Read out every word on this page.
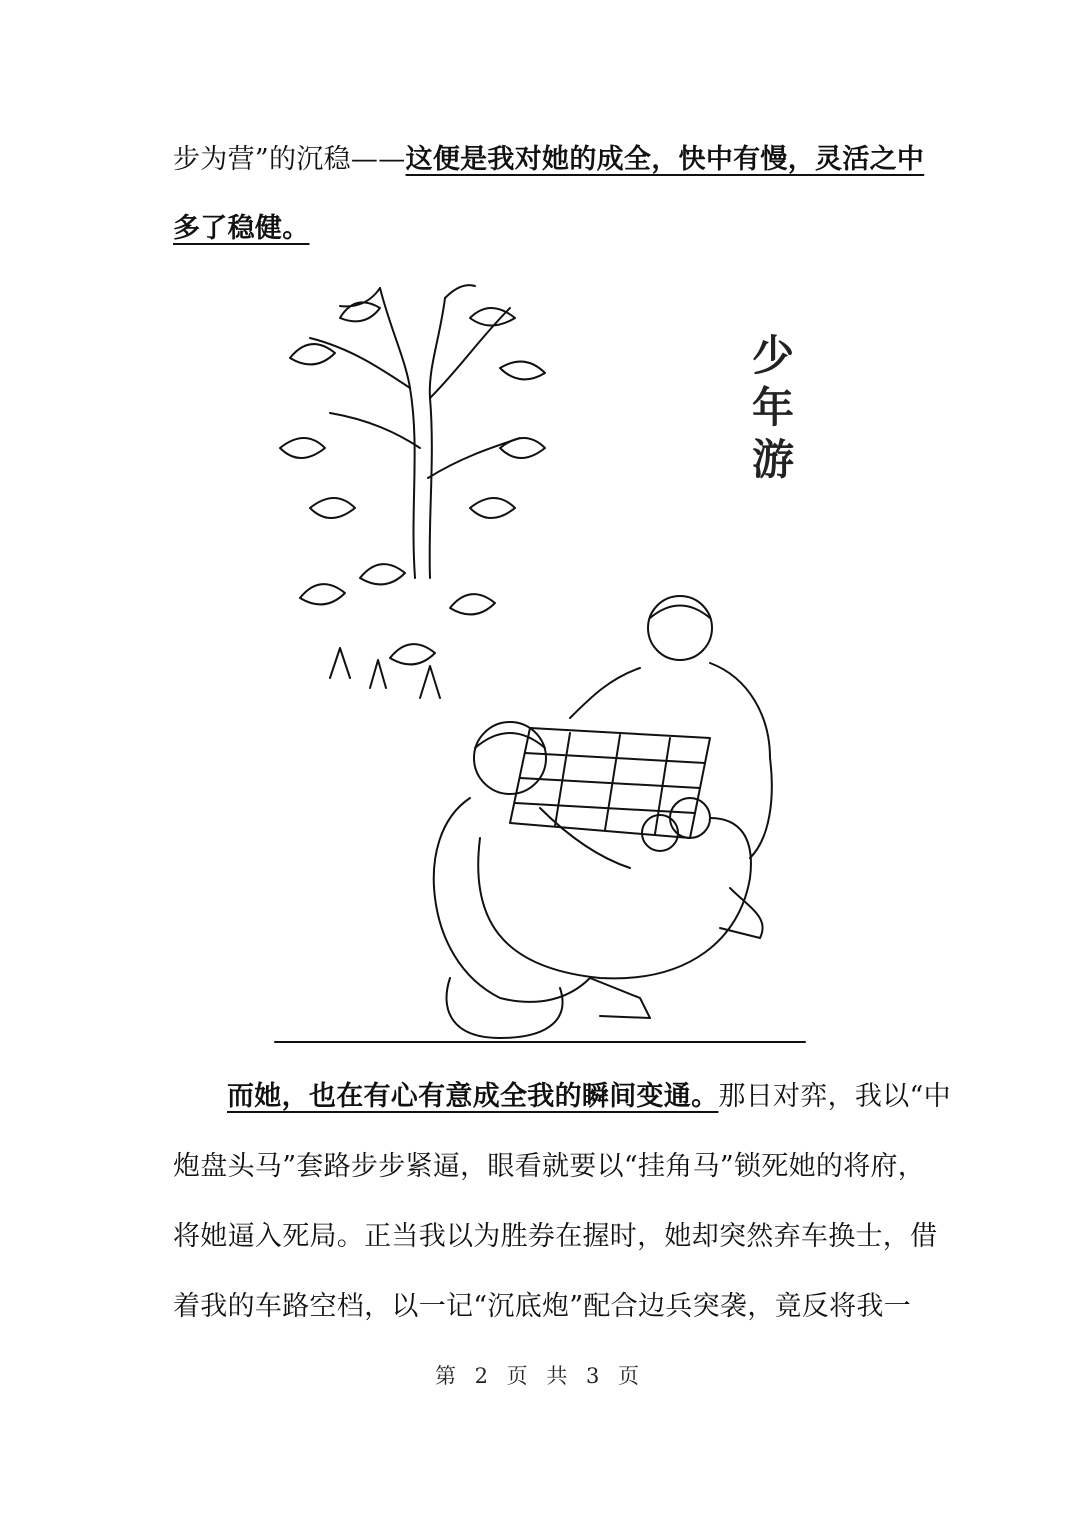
步为营”的沉稳——这便是我对她的成全，快中有慢，灵活之中
多了稳健。
少
年
游
而她，也在有心有意成全我的瞬间变通。那日对弈，我以“中
炮盘头马”套路步步紧逼，眼看就要以“挂角马”锁死她的将府，
将她逼入死局。正当我以为胜券在握时，她却突然弃车换士，借
着我的车路空档，以一记“沉底炮”配合边兵突袭，竟反将我一
第 2 页 共 3 页
